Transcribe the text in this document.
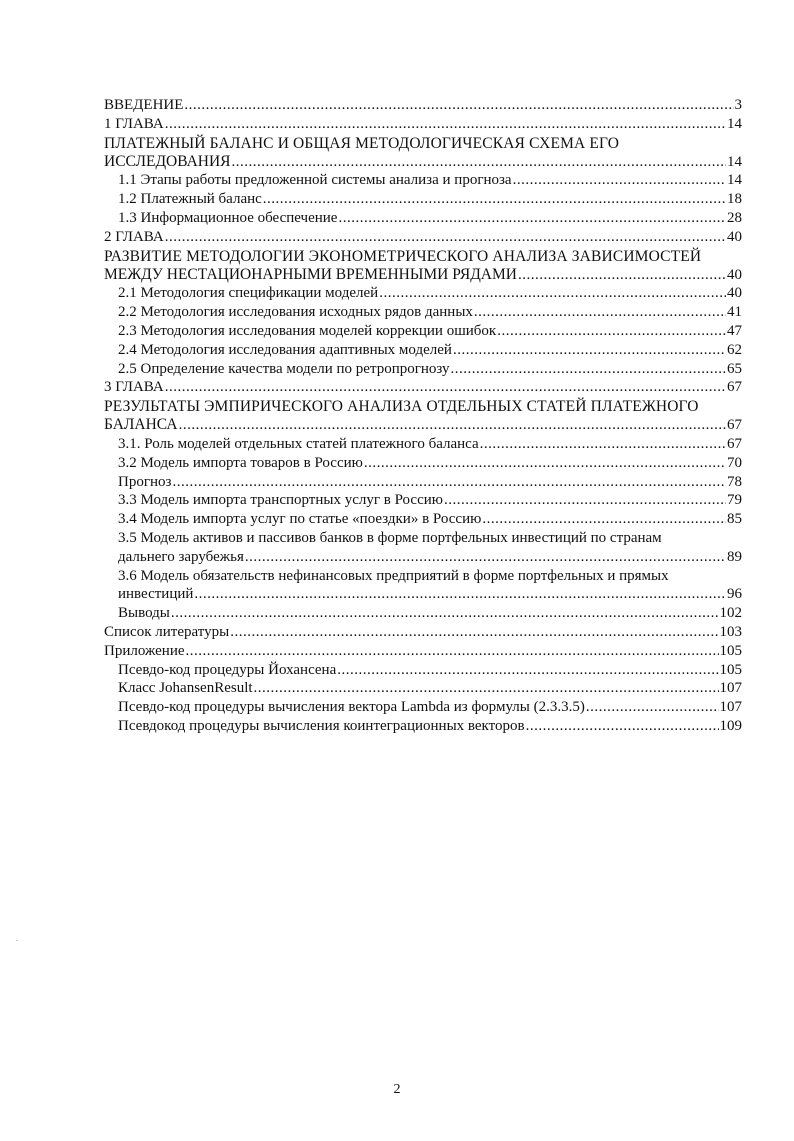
ВВЕДЕНИЕ .....	3
1 ГЛАВА .....	14
ПЛАТЕЖНЫЙ БАЛАНС И ОБЩАЯ МЕТОДОЛОГИЧЕСКАЯ СХЕМА ЕГО
ИССЛЕДОВАНИЯ .....	14
1.1 Этапы работы предложенной системы анализа и прогноза .....	14
1.2 Платежный баланс .....	18
1.3 Информационное обеспечение .....	28
2 ГЛАВА .....	40
РАЗВИТИЕ МЕТОДОЛОГИИ ЭКОНОМЕТРИЧЕСКОГО АНАЛИЗА ЗАВИСИМОСТЕЙ
МЕЖДУ НЕСТАЦИОНАРНЫМИ ВРЕМЕННЫМИ РЯДАМИ .....	40
2.1 Методология спецификации моделей .....	40
2.2 Методология исследования исходных рядов данных .....	41
2.3 Методология исследования моделей коррекции ошибок .....	47
2.4 Методология исследования адаптивных моделей .....	62
2.5 Определение качества модели по ретропрогнозу .....	65
3 ГЛАВА .....	67
РЕЗУЛЬТАТЫ ЭМПИРИЧЕСКОГО АНАЛИЗА ОТДЕЛЬНЫХ СТАТЕЙ ПЛАТЕЖНОГО
БАЛАНСА .....	67
3.1. Роль моделей отдельных статей платежного баланса .....	67
3.2 Модель импорта товаров в Россию .....	70
Прогноз .....	78
3.3 Модель импорта транспортных услуг в Россию .....	79
3.4 Модель импорта услуг по статье «поездки» в Россию .....	85
3.5 Модель активов и пассивов банков в форме портфельных инвестиций по странам
дальнего зарубежья .....	89
3.6 Модель обязательств нефинансовых предприятий в форме портфельных и прямых
инвестиций .....	96
Выводы .....	102
Список литературы .....	103
Приложение .....	105
Псевдо-код процедуры Йохансена .....	105
Класс JohansenResult .....	107
Псевдо-код процедуры вычисления вектора Lambda из формулы (2.3.3.5) .....	107
Псевдокод процедуры вычисления коинтеграционных векторов .....	109
2
